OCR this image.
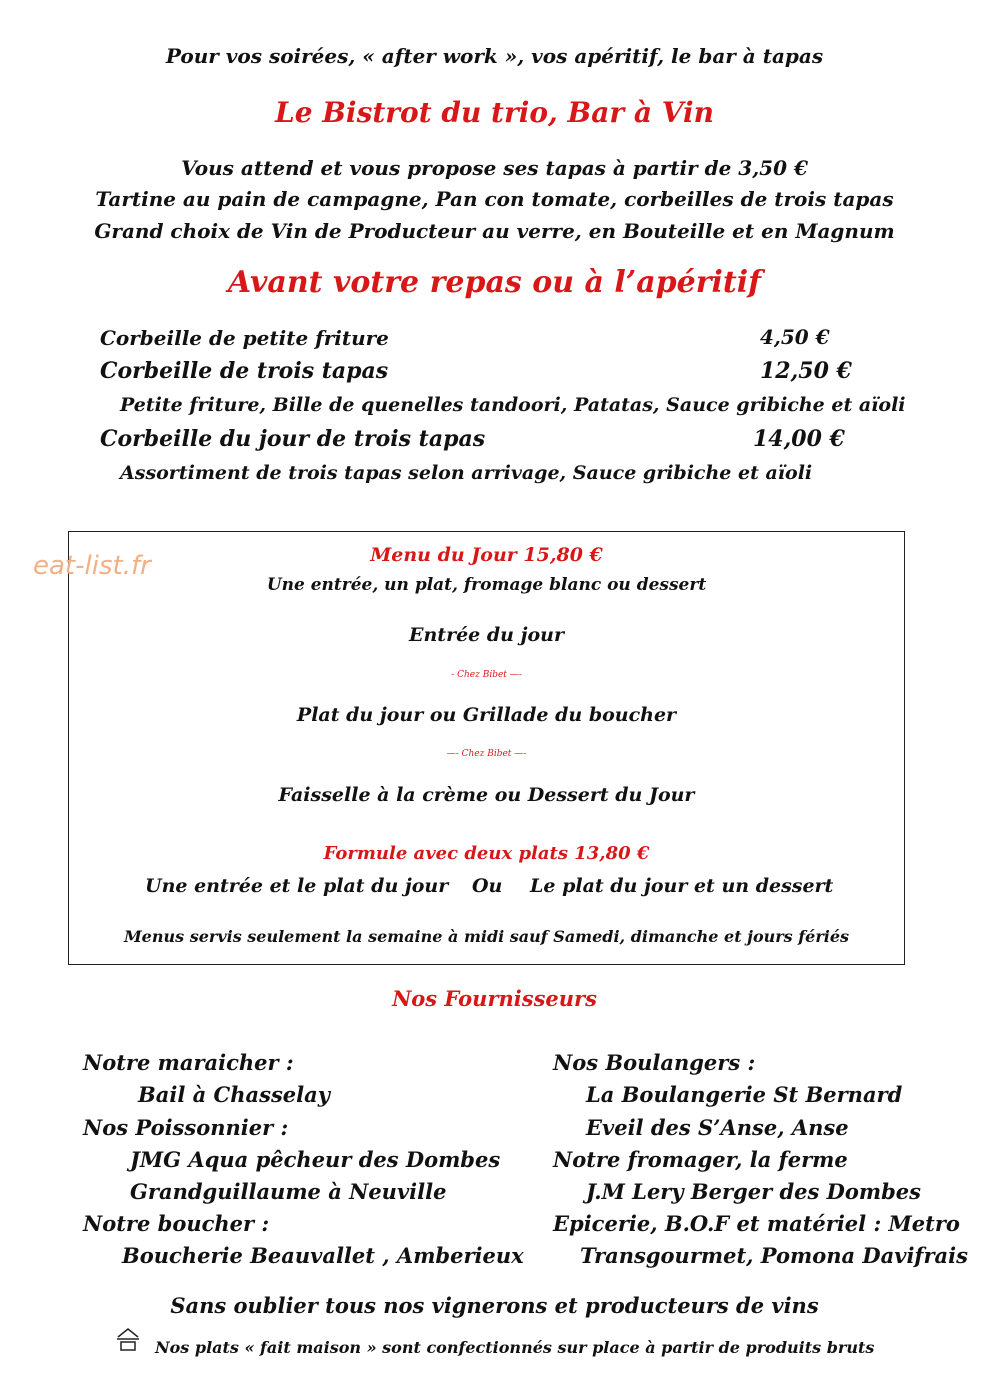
Pour vos soirées, « after work », vos apéritif, le bar à tapas
Le Bistrot du trio, Bar à Vin
Vous attend et vous propose ses tapas à partir de 3,50 €
Tartine au pain de campagne, Pan con tomate, corbeilles de trois tapas
Grand choix de Vin de Producteur au verre, en Bouteille et en Magnum
Avant votre repas ou à l’apéritif
Corbeille de petite friture	4,50 €
Corbeille de trois tapas	12,50 €
Petite friture, Bille de quenelles tandoori, Patatas, Sauce gribiche et aïoli
Corbeille du jour de trois tapas	14,00 €
Assortiment de trois tapas selon arrivage, Sauce gribiche et aïoli
eat-list.fr	Menu du Jour 15,80 €
Une entrée, un plat, fromage blanc ou dessert
Entrée du jour
- Chez Bibet —-
Plat du jour ou Grillade du boucher
—- Chez Bibet —-
Faisselle à la crème ou Dessert du Jour
Formule avec deux plats 13,80 €
Une entrée et le plat du jour Ou Le plat du jour et un dessert
Menus servis seulement la semaine à midi sauf Samedi, dimanche et jours fériés
Nos Fournisseurs
Notre maraicher :
Bail à Chasselay
Nos Poissonnier :
JMG Aqua pêcheur des Dombes
Grandguillaume à Neuville
Notre boucher :
Boucherie Beauvallet , Amberieux
Nos Boulangers :
La Boulangerie St Bernard
Eveil des S’Anse, Anse
Notre fromager, la ferme
J.M Lery Berger des Dombes
Epicerie, B.O.F et matériel : Metro
Transgourmet, Pomona Davifrais
Sans oublier tous nos vignerons et producteurs de vins
Nos plats « fait maison » sont confectionnés sur place à partir de produits bruts
